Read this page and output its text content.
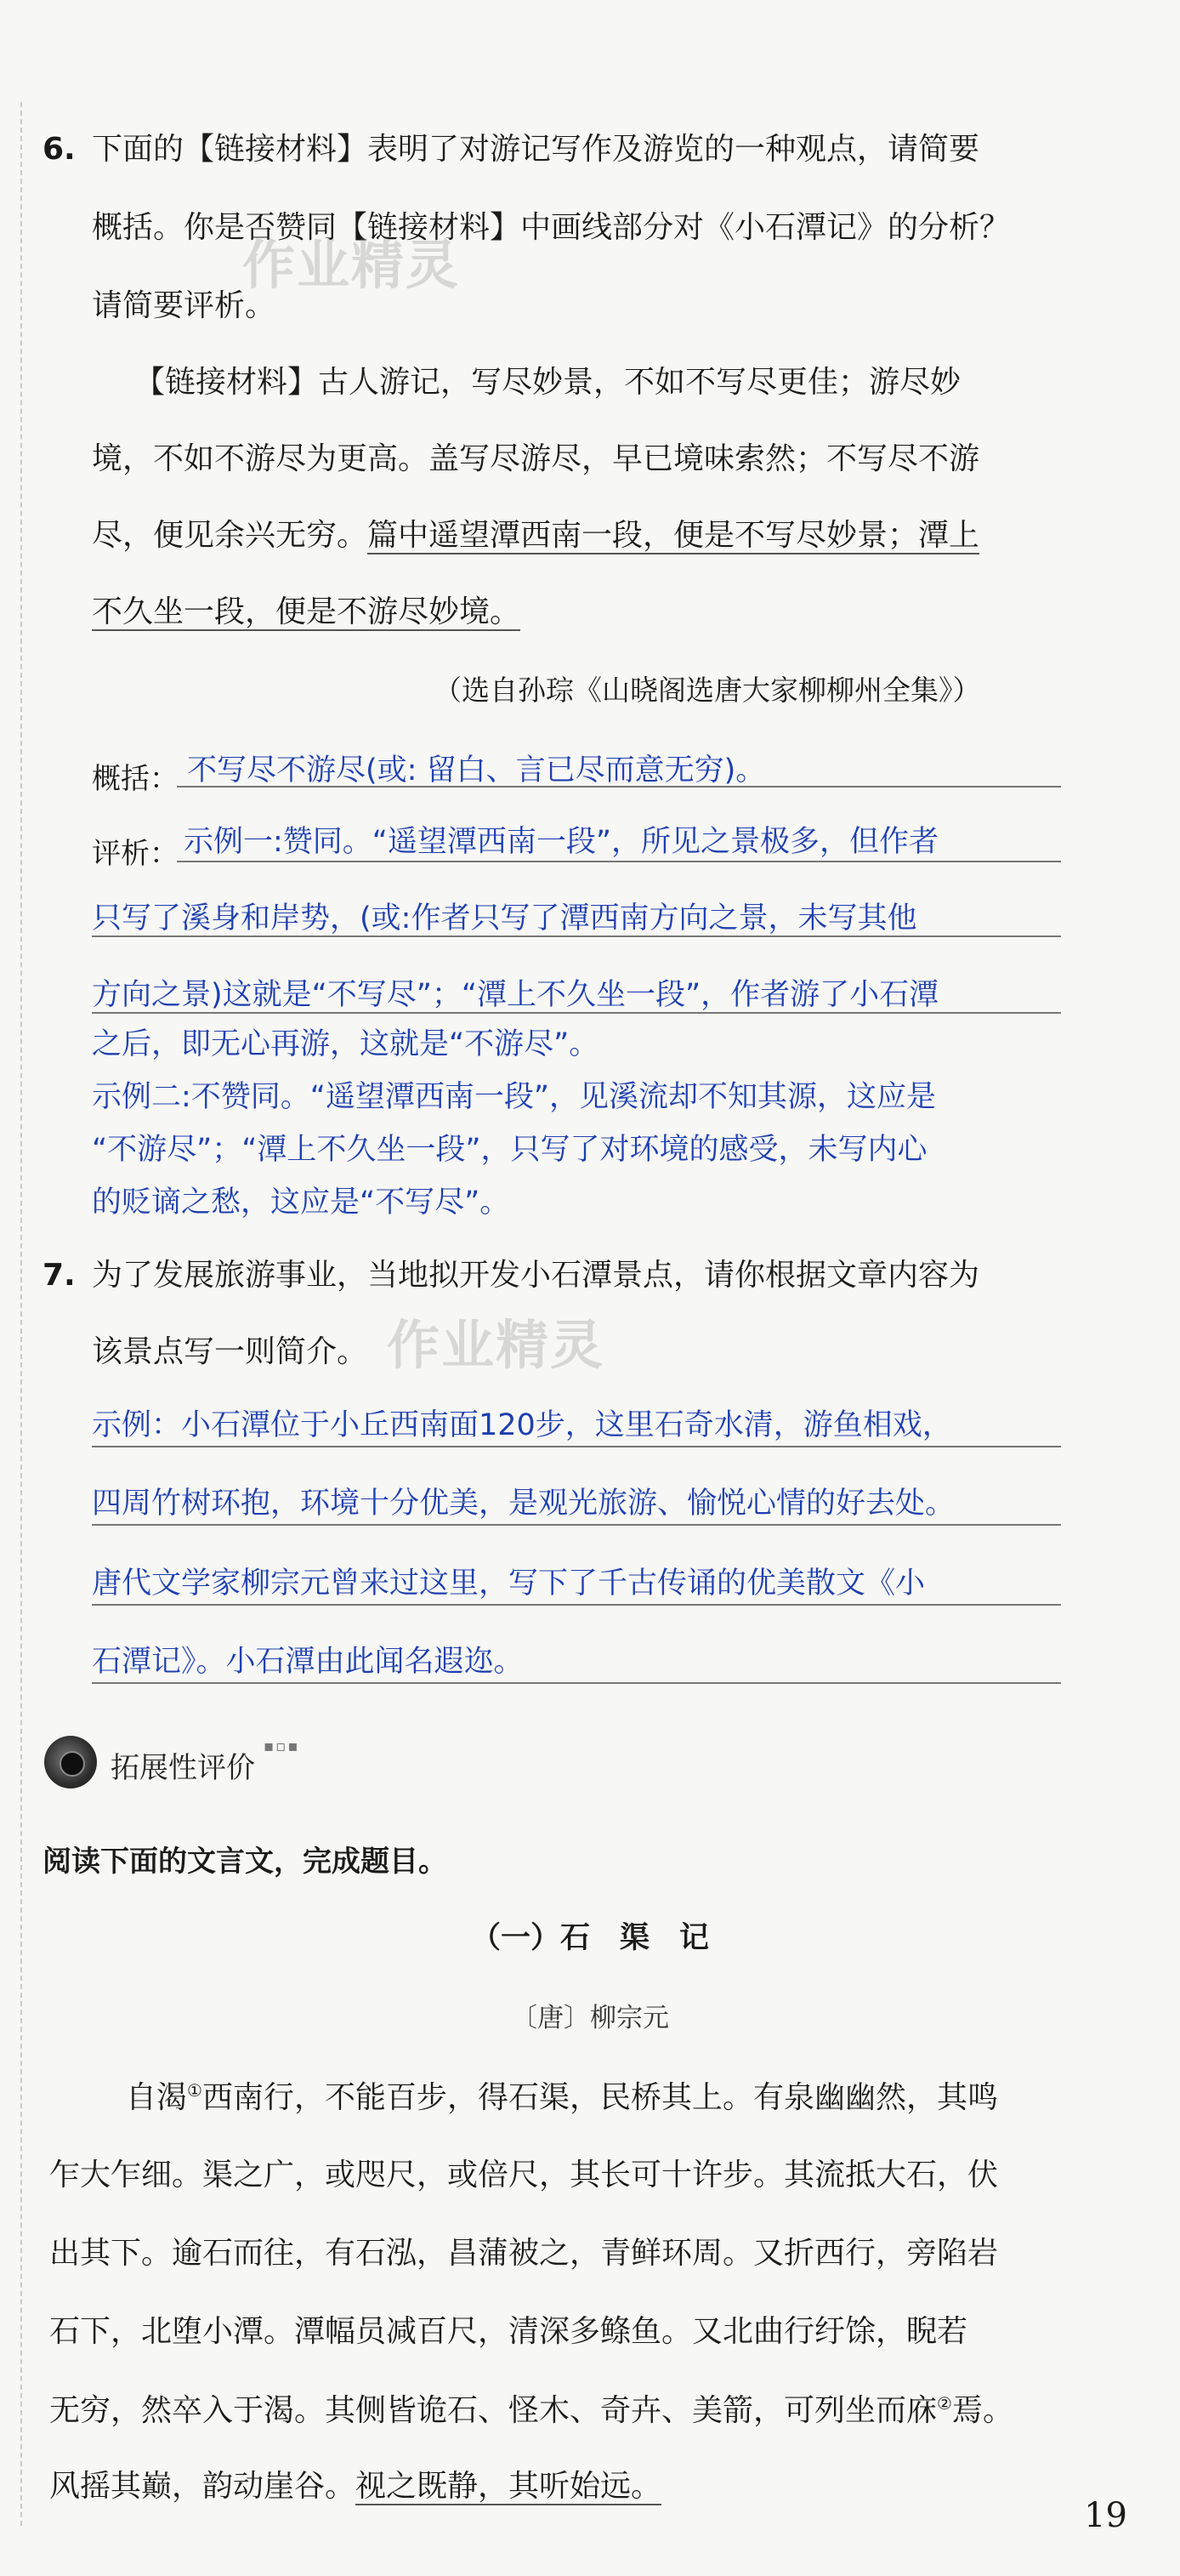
6. 下面的【链接材料】表明了对游记写作及游览的一种观点，请简要
概括。你是否赞同【链接材料】中画线部分对《小石潭记》的分析？
请简要评析。
作业精灵
【链接材料】古人游记，写尽妙景，不如不写尽更佳；游尽妙
境，不如不游尽为更高。盖写尽游尽，早已境味索然；不写尽不游
尽，便见余兴无穷。篇中遥望潭西南一段，便是不写尽妙景；潭上
不久坐一段，便是不游尽妙境。
（选自孙琮《山晓阁选唐大家柳柳州全集》）
概括： 不写尽不游尽(或: 留白、言已尽而意无穷)。
评析： 示例一:赞同。“遥望潭西南一段”，所见之景极多，但作者
只写了溪身和岸势，(或:作者只写了潭西南方向之景，未写其他
方向之景)这就是“不写尽”；“潭上不久坐一段”，作者游了小石潭
之后，即无心再游，这就是“不游尽”。
示例二:不赞同。“遥望潭西南一段”，见溪流却不知其源，这应是
“不游尽”；“潭上不久坐一段”，只写了对环境的感受，未写内心
的贬谪之愁，这应是“不写尽”。
7. 为了发展旅游事业，当地拟开发小石潭景点，请你根据文章内容为
该景点写一则简介。 作业精灵
示例：小石潭位于小丘西南面120步，这里石奇水清，游鱼相戏，
四周竹树环抱，环境十分优美，是观光旅游、愉悦心情的好去处。
唐代文学家柳宗元曾来过这里，写下了千古传诵的优美散文《小
石潭记》。小石潭由此闻名遐迩。
拓展性评价
▪▫▪
阅读下面的文言文，完成题目。
（一）石　渠　记
〔唐〕柳宗元
自渴①西南行，不能百步，得石渠，民桥其上。有泉幽幽然，其鸣
乍大乍细。渠之广，或咫尺，或倍尺，其长可十许步。其流抵大石，伏
出其下。逾石而往，有石泓，昌蒲被之，青鲜环周。又折西行，旁陷岩
石下，北堕小潭。潭幅员减百尺，清深多鲦鱼。又北曲行纡馀，睨若
无穷，然卒入于渴。其侧皆诡石、怪木、奇卉、美箭，可列坐而庥②焉。
风摇其巅，韵动崖谷。视之既静，其听始远。
19
